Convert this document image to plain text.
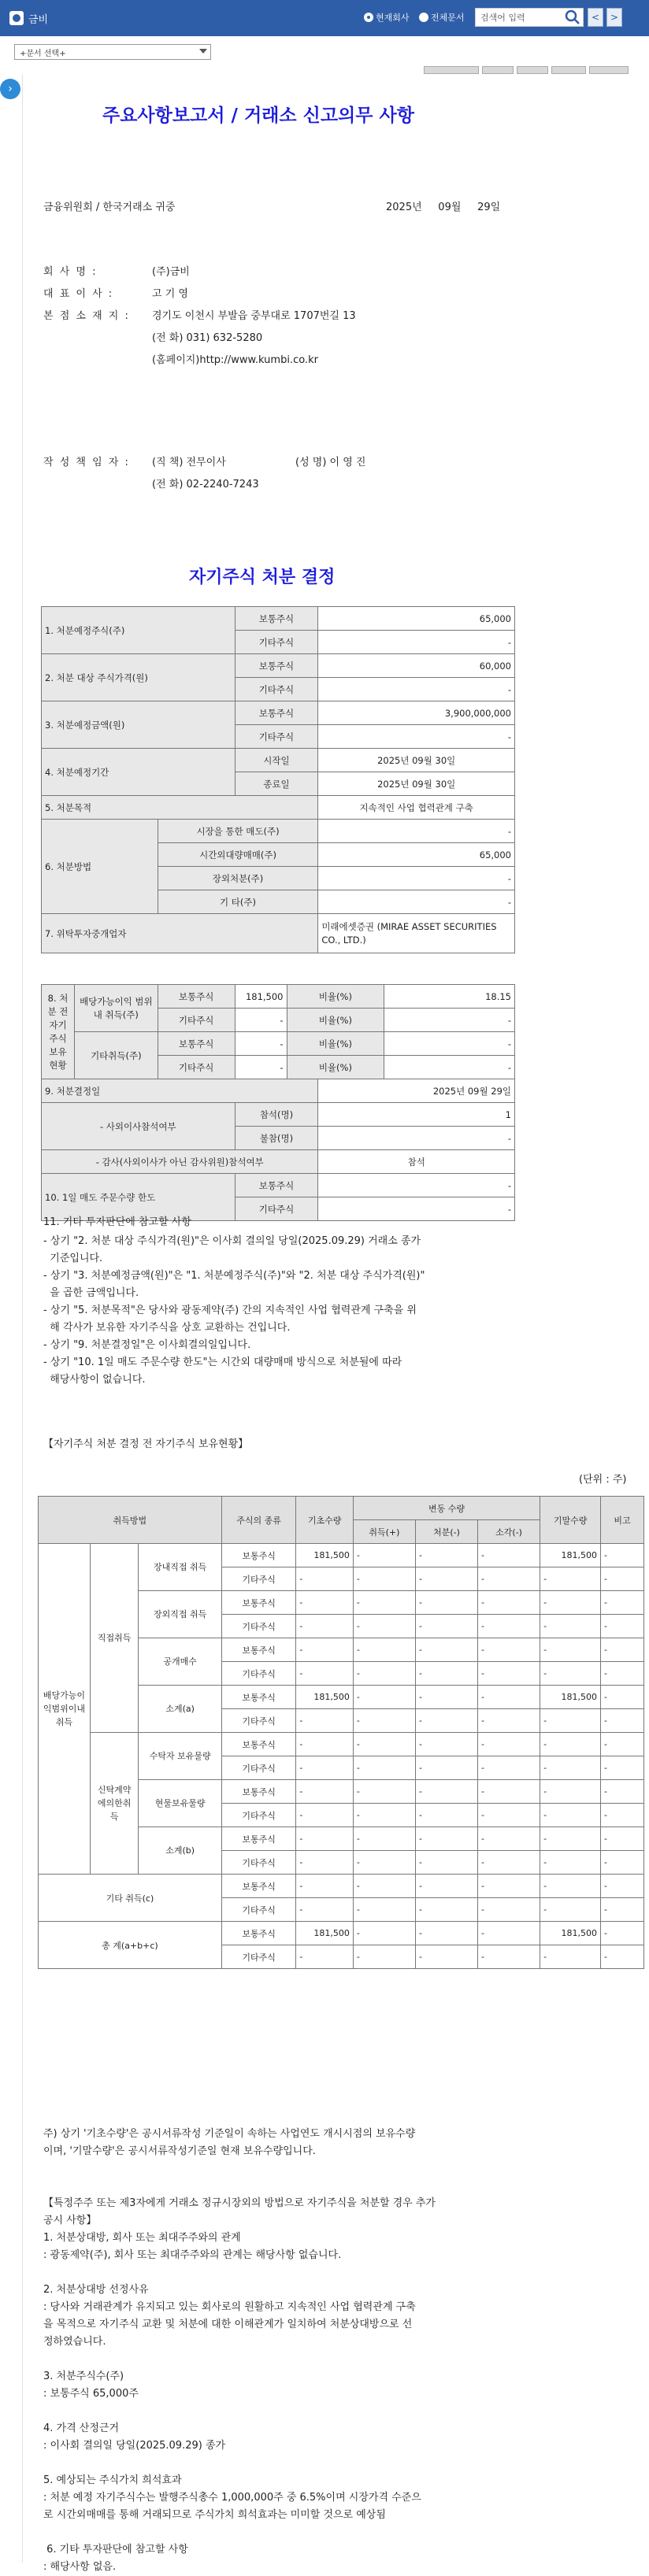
금비	현재회사 전체문서	검색어 입력	<	>
+문서 선택+
›
주요사항보고서 / 거래소 신고의무 사항
금융위원회 / 한국거래소 귀중	2025년     09월     29일
회 사 명 :	(주)금비
대 표 이 사 :	고 기 영
본 점 소 재 지 : 경기도 이천시 부발읍 중부대로 1707번길 13
(전 화) 031) 632-5280
(홈페이지)http://www.kumbi.co.kr
작 성 책 임 자 : (직 책) 전무이사	(성 명) 이 영 진
(전 화) 02-2240-7243
자기주식 처분 결정
1. 처분예정주식(주)		보통주식	65,000
		기타주식	-
2. 처분 대상 주식가격(원)		보통주식	60,000
		기타주식	-
3. 처분예정금액(원)		보통주식	3,900,000,000
		기타주식	-
4. 처분예정기간		시작일	2025년 09월 30일
		종료일	2025년 09월 30일
5. 처분목적			지속적인 사업 협력관계 구축
6. 처분방법	시장을 통한 매도(주)		-
	시간외대량매매(주)		65,000
	장외처분(주)		-
	기 타(주)		-
7. 위탁투자중개업자			미래에셋증권 (MIRAE ASSET SECURITIES CO., LTD.)
8. 처분 전 자기주식 보유현황	배당가능이익 범위 내 취득(주)	보통주식	181,500	비율(%)	18.15
		기타주식	-	비율(%)	-
	기타취득(주)	보통주식	-	비율(%)	-
		기타주식	-	비율(%)	-
9. 처분결정일		2025년 09월 29일
- 사외이사참석여부	참석(명)	1
	불참(명)	-
- 감사(사외이사가 아닌 감사위원)참석여부		참석
10. 1일 매도 주문수량 한도	보통주식	-
	기타주식	-
11. 기타 투자판단에 참고할 사항
- 상기 "2. 처분 대상 주식가격(원)"은 이사회 결의일 당일(2025.09.29) 거래소 종가
기준입니다.
- 상기 "3. 처분예정금액(원)"은 "1. 처분예정주식(주)"와 "2. 처분 대상 주식가격(원)"
을 곱한 금액입니다.
- 상기 "5. 처분목적"은 당사와 광동제약(주) 간의 지속적인 사업 협력관계 구축을 위
해 각사가 보유한 자기주식을 상호 교환하는 건입니다.
- 상기 "9. 처분결정일"은 이사회결의일입니다.
- 상기 "10. 1일 매도 주문수량 한도"는 시간외 대량매매 방식으로 처분될에 따라
해당사항이 없습니다.
【자기주식 처분 결정 전 자기주식 보유현황】
(단위 : 주)
취득방법			주식의 종류	기초수량	변동 수량			기말수량	비고
					취득(+)	처분(-)	소각(-)		
배당가능이익범위이내취득	직접취득	장내직접 취득	보통주식	181,500	-	-	-	181,500	-
			기타주식	-	-	-	-	-	-
		장외직접 취득	보통주식	-	-	-	-	-	-
			기타주식	-	-	-	-	-	-
		공개매수	보통주식	-	-	-	-	-	-
			기타주식	-	-	-	-	-	-
		소계(a)	보통주식	181,500	-	-	-	181,500	-
			기타주식	-	-	-	-	-	-
	신탁계약에의한취득	수탁자 보유물량	보통주식	-	-	-	-	-	-
			기타주식	-	-	-	-	-	-
		현물보유물량	보통주식	-	-	-	-	-	-
			기타주식	-	-	-	-	-	-
		소계(b)	보통주식	-	-	-	-	-	-
			기타주식	-	-	-	-	-	-
기타 취득(c)			보통주식	-	-	-	-	-	-
			기타주식	-	-	-	-	-	-
총 계(a+b+c)			보통주식	181,500	-	-	-	181,500	-
			기타주식	-	-	-	-	-	-
주) 상기 '기초수량'은 공시서류작성 기준일이 속하는 사업연도 개시시점의 보유수량
이며, '기말수량'은 공시서류작성기준일 현재 보유수량입니다.
【특정주주 또는 제3자에게 거래소 정규시장외의 방법으로 자기주식을 처분할 경우 추가
공시 사항】
1. 처분상대방, 회사 또는 최대주주와의 관계
: 광동제약(주), 회사 또는 최대주주와의 관계는 해당사항 없습니다.
2. 처분상대방 선정사유
: 당사와 거래관계가 유지되고 있는 회사로의 원활하고 지속적인 사업 협력관계 구축
을 목적으로 자기주식 교환 및 처분에 대한 이해관계가 일치하여 처분상대방으로 선
정하였습니다.
3. 처분주식수(주)
: 보통주식 65,000주
4. 가격 산정근거
: 이사회 결의일 당일(2025.09.29) 종가
5. 예상되는 주식가치 희석효과
: 처분 예정 자기주식수는 발행주식총수 1,000,000주 중 6.5%이며 시장가격 수준으
로 시간외매매를 통해 거래되므로 주식가치 희석효과는 미미할 것으로 예상됨
6. 기타 투자판단에 참고할 사항
: 해당사항 없음.
